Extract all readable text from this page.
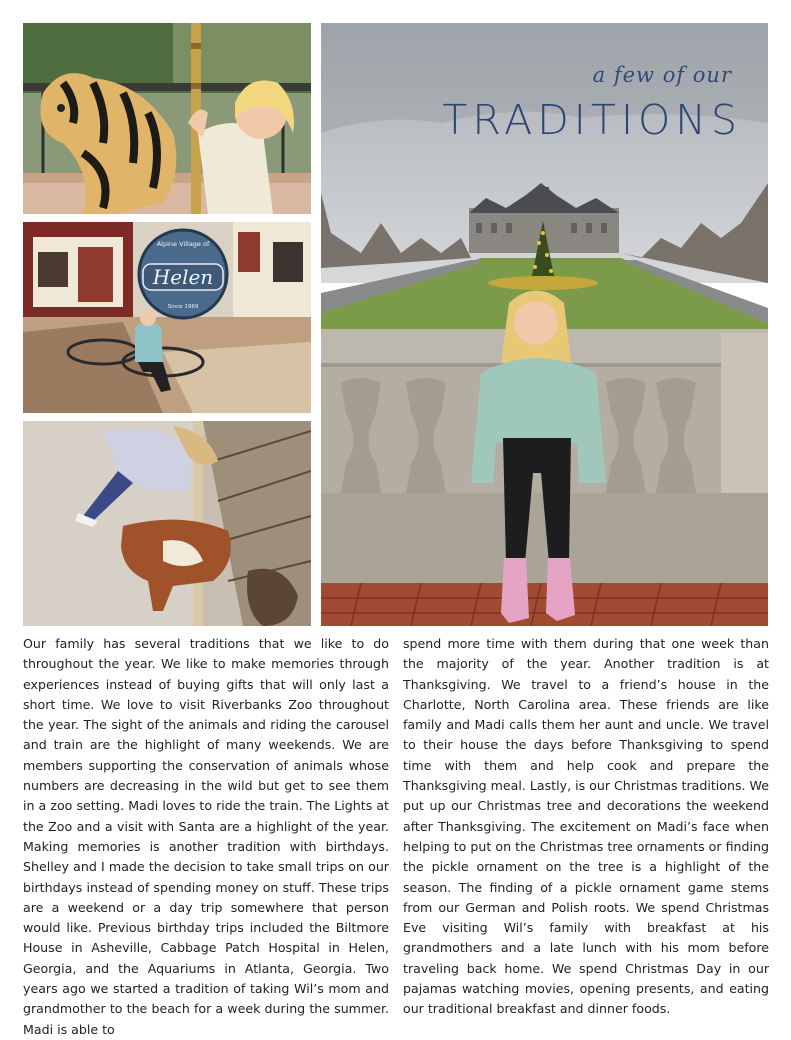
Helen
Alpine Village of
Since 1969
a few of our
TRADITIONS
Our family has several traditions that we like to do throughout the year. We like to make memories through experiences instead of buying gifts that will only last a short time. We love to visit Riverbanks Zoo throughout the year. The sight of the animals and riding the carousel and train are the highlight of many weekends. We are members supporting the conservation of animals whose numbers are decreasing in the wild but get to see them in a zoo setting. Madi loves to ride the train. The Lights at the Zoo and a visit with Santa are a highlight of the year. Making memories is another tradition with birthdays. Shelley and I made the decision to take small trips on our birthdays instead of spending money on stuff. These trips are a weekend or a day trip somewhere that person would like. Previous birthday trips included the Biltmore House in Asheville, Cabbage Patch Hospital in Helen, Georgia, and the Aquariums in Atlanta, Georgia. Two years ago we started a tradition of taking Wil’s mom and grandmother to the beach for a week during the summer. Madi is able to
spend more time with them during that one week than the majority of the year. Another tradition is at Thanksgiving. We travel to a friend’s house in the Charlotte, North Carolina area. These friends are like family and Madi calls them her aunt and uncle. We travel to their house the days before Thanksgiving to spend time with them and help cook and prepare the Thanksgiving meal. Lastly, is our Christmas traditions. We put up our Christmas tree and decorations the weekend after Thanksgiving. The excitement on Madi’s face when helping to put on the Christmas tree ornaments or finding the pickle ornament on the tree is a highlight of the season. The finding of a pickle ornament game stems from our German and Polish roots. We spend Christmas Eve visiting Wil’s family with breakfast at his grandmothers and a late lunch with his mom before traveling back home. We spend Christmas Day in our pajamas watching movies, opening presents, and eating our traditional breakfast and dinner foods.
